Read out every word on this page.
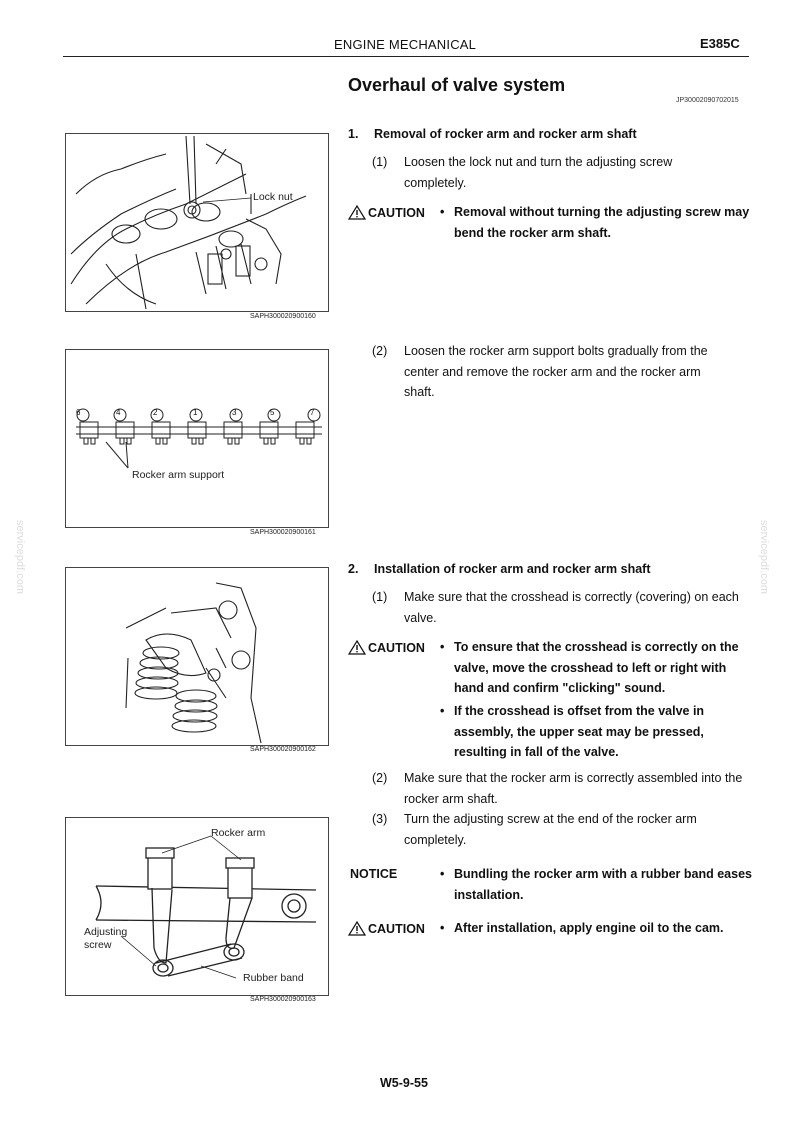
ENGINE MECHANICAL	E385C
Overhaul of valve system
JP30002090702015
servicepdf.com	servicepdf.com
Lock nut
SAPH300020900160
1. Removal of rocker arm and rocker arm shaft
(1) Loosen the lock nut and turn the adjusting screw completely.
CAUTION • Removal without turning the adjusting screw may bend the rocker arm shaft.
6	4	2	1	3	5	7
Rocker arm support
SAPH300020900161
(2) Loosen the rocker arm support bolts gradually from the center and remove the rocker arm and the rocker arm shaft.
2. Installation of rocker arm and rocker arm shaft
(1) Make sure that the crosshead is correctly (covering) on each valve.
CAUTION • To ensure that the crosshead is correctly on the valve, move the crosshead to left or right with hand and confirm "clicking" sound.
• If the crosshead is offset from the valve in assembly, the upper seat may be pressed, resulting in fall of the valve.
SAPH300020900162
(2) Make sure that the rocker arm is correctly assembled into the rocker arm shaft.
(3) Turn the adjusting screw at the end of the rocker arm completely.
NOTICE	• Bundling the rocker arm with a rubber band eases installation.
CAUTION • After installation, apply engine oil to the cam.
Rocker arm
Adjusting screw
Rubber band
SAPH300020900163
W5-9-55
